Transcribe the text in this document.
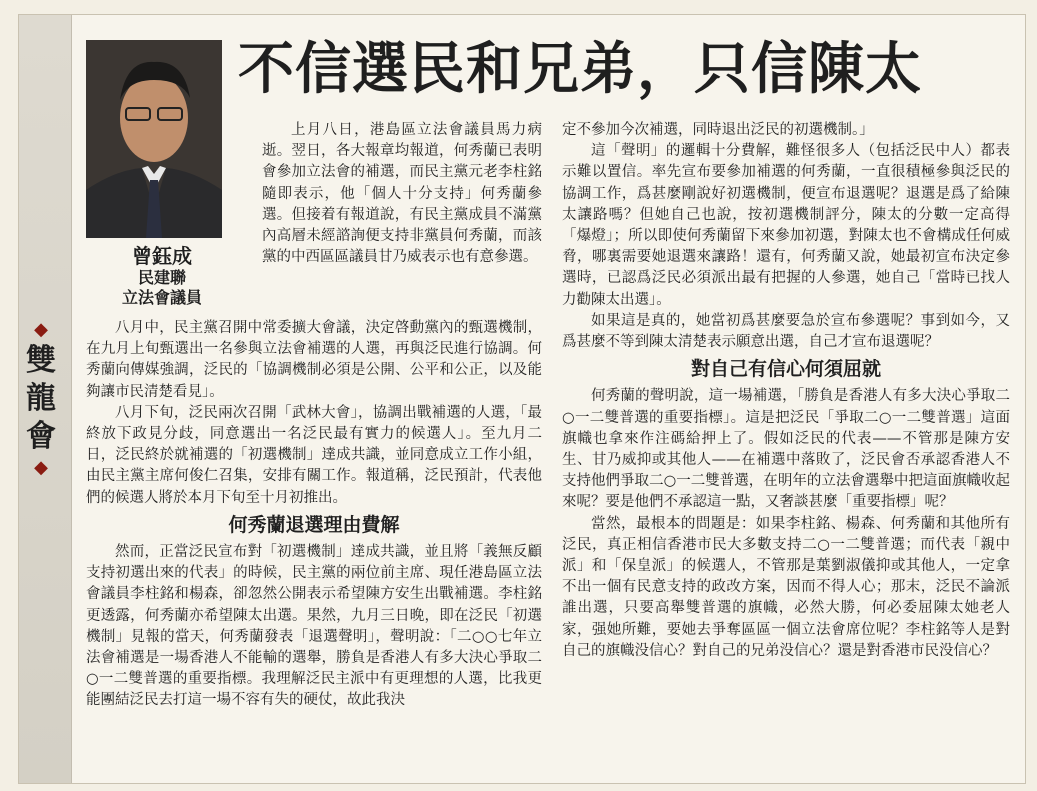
◆
雙
龍
會
◆
曾鈺成
民建聯
立法會議員
不信選民和兄弟，只信陳太

上月八日，港島區立法會議員馬力病逝。翌日，各大報章均報道，何秀蘭已表明會參加立法會的補選，而民主黨元老李柱銘隨即表示，他「個人十分支持」何秀蘭參選。但接着有報道說，有民主黨成員不滿黨內高層未經諮詢便支持非黨員何秀蘭，而該黨的中西區區議員甘乃威表示也有意參選。

八月中，民主黨召開中常委擴大會議，決定啓動黨內的甄選機制，在九月上旬甄選出一名參與立法會補選的人選，再與泛民進行協調。何秀蘭向傳媒強調，泛民的「協調機制必須是公開、公平和公正，以及能夠讓市民清楚看見」。

八月下旬，泛民兩次召開「武林大會」，協調出戰補選的人選，「最終放下政見分歧，同意選出一名泛民最有實力的候選人」。至九月二日，泛民終於就補選的「初選機制」達成共識，並同意成立工作小組，由民主黨主席何俊仁召集，安排有關工作。報道稱，泛民預計，代表他們的候選人將於本月下旬至十月初推出。

何秀蘭退選理由費解

然而，正當泛民宣布對「初選機制」達成共識，並且將「義無反顧支持初選出來的代表」的時候，民主黨的兩位前主席、現任港島區立法會議員李柱銘和楊森，卻忽然公開表示希望陳方安生出戰補選。李柱銘更透露，何秀蘭亦希望陳太出選。果然，九月三日晚，即在泛民「初選機制」見報的當天，何秀蘭發表「退選聲明」，聲明說：「二○○七年立法會補選是一場香港人不能輸的選舉，勝負是香港人有多大決心爭取二○一二雙普選的重要指標。我理解泛民主派中有更理想的人選，比我更能團結泛民去打這一場不容有失的硬仗，故此我決

定不參加今次補選，同時退出泛民的初選機制。」

這「聲明」的邏輯十分費解，難怪很多人（包括泛民中人）都表示難以置信。率先宣布要參加補選的何秀蘭，一直很積極參與泛民的協調工作，爲甚麼剛說好初選機制，便宣布退選呢？退選是爲了給陳太讓路嗎？但她自己也說，按初選機制評分，陳太的分數一定高得「爆燈」；所以即使何秀蘭留下來參加初選，對陳太也不會構成任何威脅，哪裏需要她退選來讓路！還有，何秀蘭又說，她最初宣布決定參選時，已認爲泛民必須派出最有把握的人參選，她自己「當時已找人力勸陳太出選」。

如果這是真的，她當初爲甚麼要急於宣布參選呢？事到如今，又爲甚麼不等到陳太清楚表示願意出選，自己才宣布退選呢？

對自己有信心何須屈就

何秀蘭的聲明說，這一場補選，「勝負是香港人有多大決心爭取二○一二雙普選的重要指標」。這是把泛民「爭取二○一二雙普選」這面旗幟也拿來作注碼給押上了。假如泛民的代表——不管那是陳方安生、甘乃威抑或其他人——在補選中落敗了，泛民會否承認香港人不支持他們爭取二○一二雙普選，在明年的立法會選舉中把這面旗幟收起來呢？要是他們不承認這一點，又奢談甚麼「重要指標」呢？

當然，最根本的問題是：如果李柱銘、楊森、何秀蘭和其他所有泛民，真正相信香港市民大多數支持二○一二雙普選；而代表「親中派」和「保皇派」的候選人，不管那是葉劉淑儀抑或其他人，一定拿不出一個有民意支持的政改方案，因而不得人心；那末，泛民不論派誰出選，只要高舉雙普選的旗幟，必然大勝，何必委屈陳太她老人家，强她所難，要她去爭奪區區一個立法會席位呢？李柱銘等人是對自己的旗幟没信心？對自己的兄弟没信心？還是對香港市民没信心？
